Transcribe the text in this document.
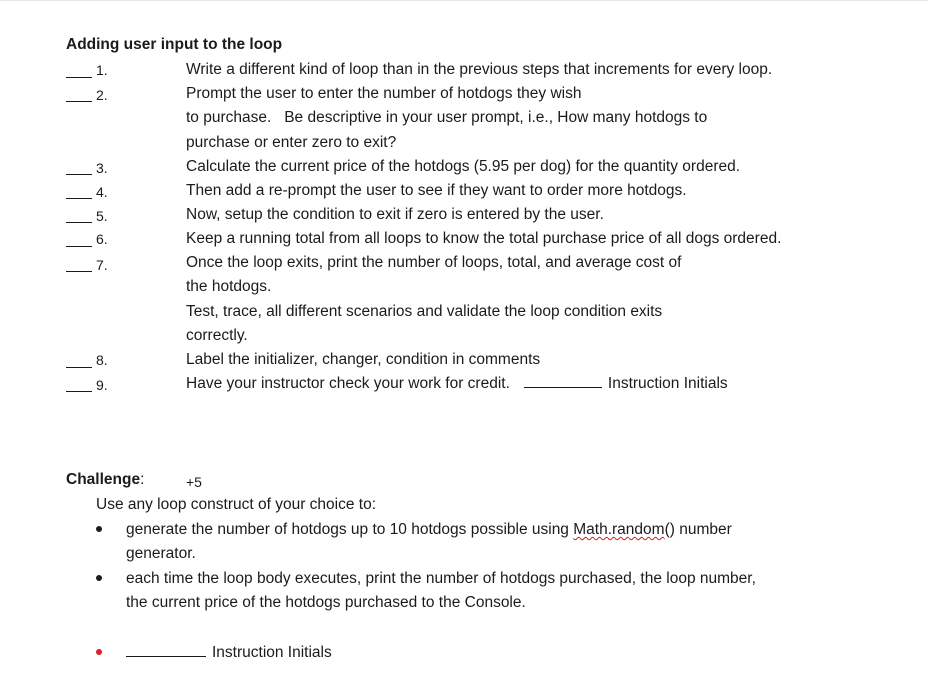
Adding user input to the loop
1.	Write a different kind of loop than in the previous steps that increments for every loop.
2.	Prompt the user to enter the number of hotdogs they wish
to purchase.   Be descriptive in your user prompt, i.e., How many hotdogs to
purchase or enter zero to exit?
3.	Calculate the current price of the hotdogs (5.95 per dog) for the quantity ordered.
4.	Then add a re-prompt the user to see if they want to order more hotdogs.
5.	Now, setup the condition to exit if zero is entered by the user.
6.	Keep a running total from all loops to know the total purchase price of all dogs ordered.
7.	Once the loop exits, print the number of loops, total, and average cost of
the hotdogs.
Test, trace, all different scenarios and validate the loop condition exits
correctly.
8.	Label the initializer, changer, condition in comments
9.	Have your instructor check your work for credit.	Instruction Initials
Challenge:	+5
Use any loop construct of your choice to:
generate the number of hotdogs up to 10 hotdogs possible using Math.random() number
generator.
each time the loop body executes, print the number of hotdogs purchased, the loop number,
the current price of the hotdogs purchased to the Console.
Instruction Initials
